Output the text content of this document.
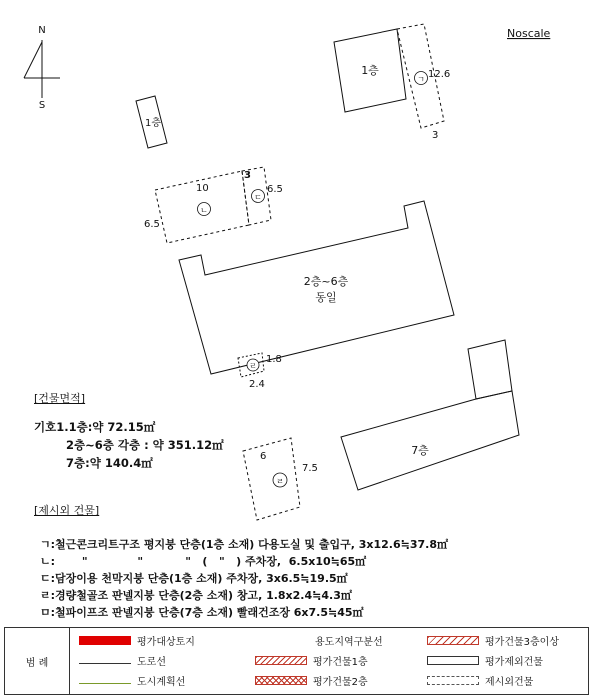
N
S
Noscale
1층
ㄱ 12.6
3
1층
ㄴ
10
6.5
ㄷ
3
6.5
2층~6층
동일
ㄹ
1.8
2.4
7층
ㄹ
6
7.5
[건물면적]
기호1.1층:약 72.15㎡
2층~6층 각층 : 약 351.12㎡
7층:약 140.4㎡
[제시외 건물]
ㄱ:철근콘크리트구조 평지붕 단층(1층 소재) 다용도실 및 출입구, 3x12.6≒37.8㎡
ㄴ:       "             "           "   (   "   ) 주차장,  6.5x10≒65㎡
ㄷ:담장이용 천막지붕 단층(1층 소재) 주차장, 3x6.5≒19.5㎡
ㄹ:경량철골조 판넬지붕 단층(2층 소재) 창고, 1.8x2.4≒4.3㎡
ㅁ:철파이프조 판넬지붕 단층(7층 소재) 빨래건조장 6x7.5≒45㎡
범 례
평가대상토지
도로선
도시계획선
용도지역구분선
평가건물1층
평가건물2층
평가건물3층이상
평가제외건물
제시외건물
